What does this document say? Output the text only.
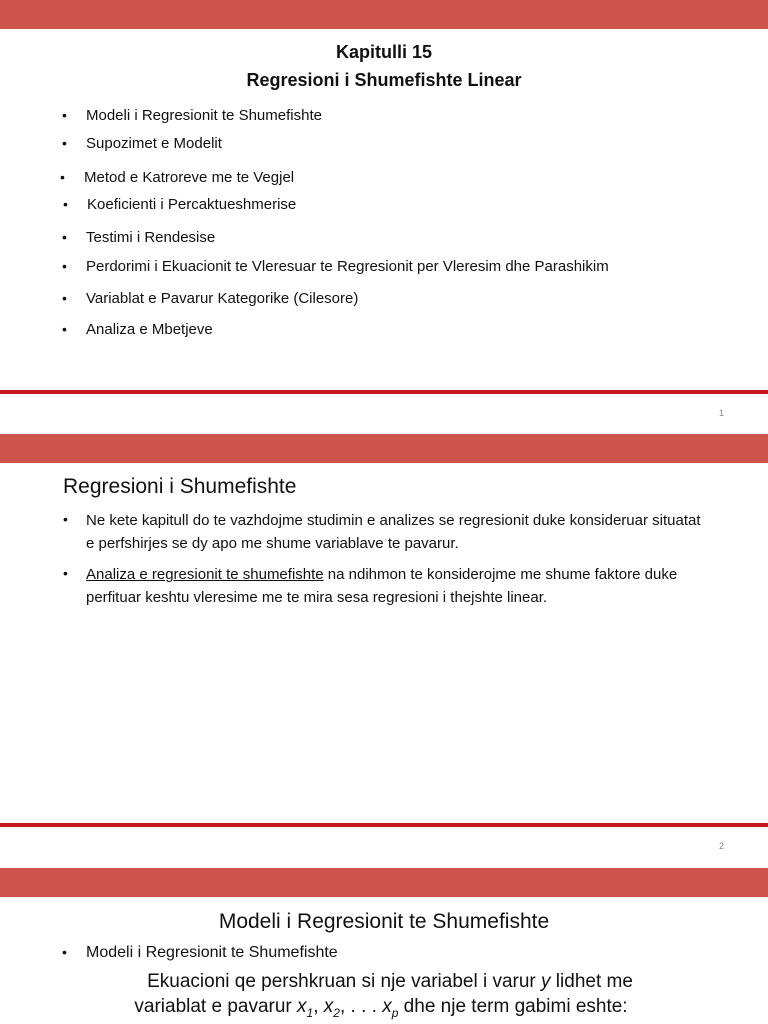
Kapitulli 15
Regresioni i Shumefishte Linear
• Modeli i Regresionit te Shumefishte
• Supozimet e Modelit
• Metod e Katroreve me te Vegjel
• Koeficienti i Percaktueshmerise
• Testimi i Rendesise
• Perdorimi i Ekuacionit te Vleresuar te Regresionit per Vleresim dhe Parashikim
• Variablat e Pavarur Kategorike (Cilesore)
• Analiza e Mbetjeve
1
Regresioni i Shumefishte
• Ne kete kapitull do te vazhdojme studimin e analizes se regresionit duke konsideruar situatat e perfshirjes se dy apo me shume variablave te pavarur.
• Analiza e regresionit te shumefishte na ndihmon te konsiderojme me shume faktore duke perfituar keshtu vleresime me te mira sesa regresioni i thejshte linear.
2
Modeli i Regresionit te Shumefishte
• Modeli i Regresionit te Shumefishte
Ekuacioni qe pershkruan si nje variabel i varur y lidhet me
variablat e pavarur $x_1$, $x_2$, . . . $x_p$ dhe nje term gabimi eshte:
